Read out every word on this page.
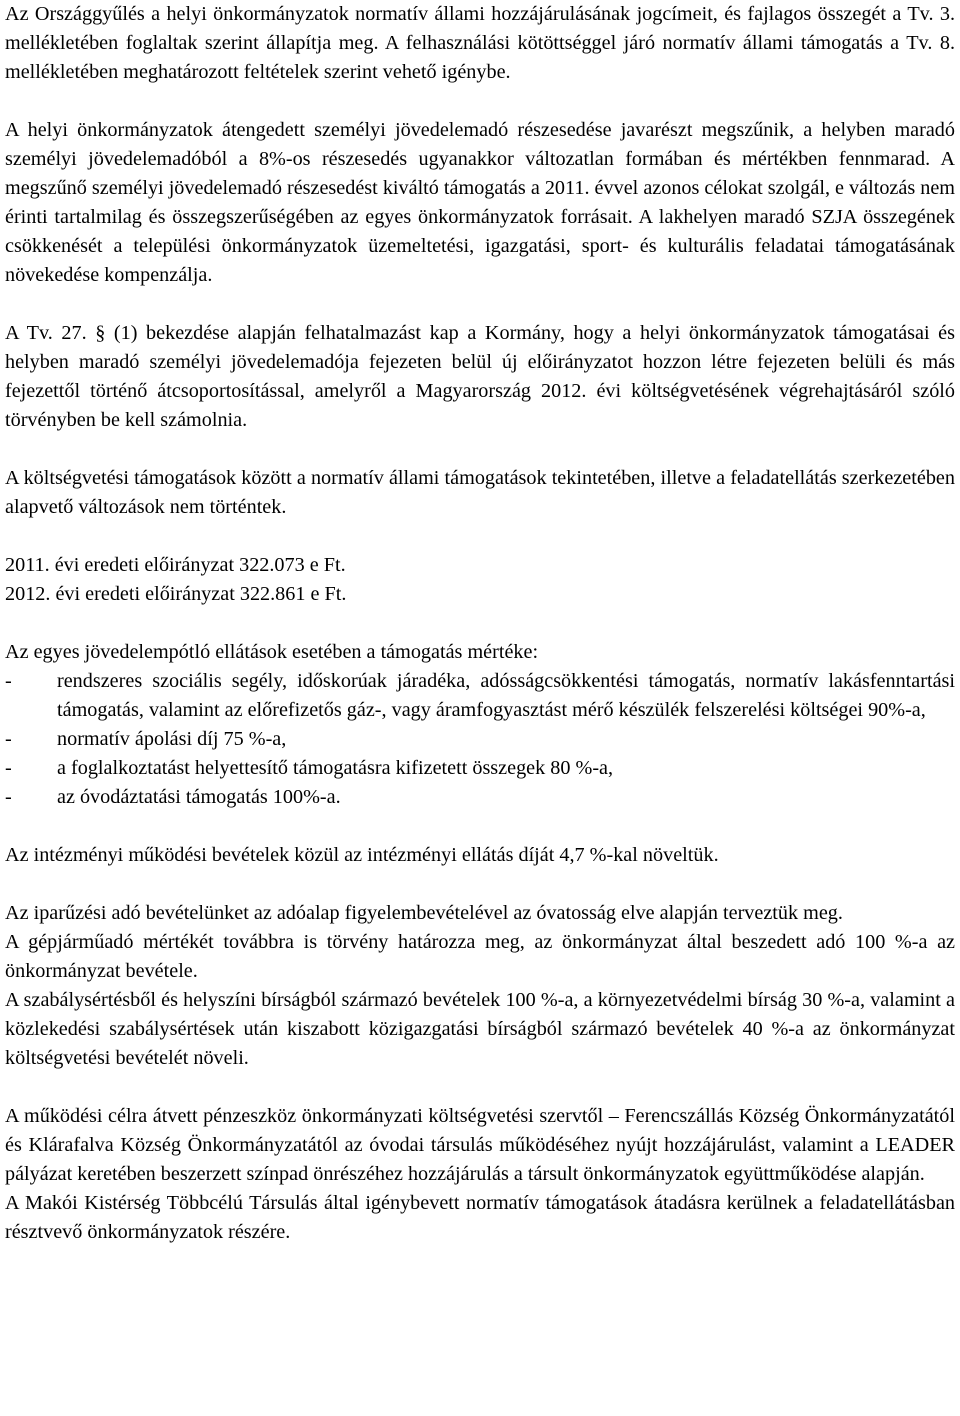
Az Országgyűlés a helyi önkormányzatok normatív állami hozzájárulásának jogcímeit, és fajlagos összegét a Tv. 3. mellékletében foglaltak szerint állapítja meg. A felhasználási kötöttséggel járó normatív állami támogatás a Tv. 8. mellékletében meghatározott feltételek szerint vehető igénybe.

A helyi önkormányzatok átengedett személyi jövedelemadó részesedése javarészt megszűnik, a helyben maradó személyi jövedelemadóból a 8%-os részesedés ugyanakkor változatlan formában és mértékben fennmarad. A megszűnő személyi jövedelemadó részesedést kiváltó támogatás a 2011. évvel azonos célokat szolgál, e változás nem érinti tartalmilag és összegszerűségében az egyes önkormányzatok forrásait. A lakhelyen maradó SZJA összegének csökkenését a települési önkormányzatok üzemeltetési, igazgatási, sport- és kulturális feladatai támogatásának növekedése kompenzálja.

A Tv. 27. § (1) bekezdése alapján felhatalmazást kap a Kormány, hogy a helyi önkormányzatok támogatásai és helyben maradó személyi jövedelemadója fejezeten belül új előirányzatot hozzon létre fejezeten belüli és más fejezettől történő átcsoportosítással, amelyről a Magyarország 2012. évi költségvetésének végrehajtásáról szóló törvényben be kell számolnia.

A költségvetési támogatások között a normatív állami támogatások tekintetében, illetve a feladatellátás szerkezetében alapvető változások nem történtek.

2011. évi eredeti előirányzat 322.073 e Ft.

2012. évi eredeti előirányzat 322.861 e Ft.

Az egyes jövedelempótló ellátások esetében a támogatás mértéke:

-	rendszeres szociális segély, időskorúak járadéka, adósságcsökkentési támogatás, normatív lakásfenntartási támogatás, valamint az előrefizetős gáz-, vagy áramfogyasztást mérő készülék felszerelési költségei 90%-a,
-	normatív ápolási díj 75 %-a,
-	a foglalkoztatást helyettesítő támogatásra kifizetett összegek 80 %-a,
-	az óvodáztatási támogatás 100%-a.

Az intézményi működési bevételek közül az intézményi ellátás díját 4,7 %-kal növeltük.

Az iparűzési adó bevételünket az adóalap figyelembevételével az óvatosság elve alapján terveztük meg.

A gépjárműadó mértékét továbbra is törvény határozza meg, az önkormányzat által beszedett adó 100 %-a az önkormányzat bevétele.

A szabálysértésből és helyszíni bírságból származó bevételek 100 %-a, a környezetvédelmi bírság 30 %-a, valamint a közlekedési szabálysértések után kiszabott közigazgatási bírságból származó bevételek 40 %-a az önkormányzat költségvetési bevételét növeli.

A működési célra átvett pénzeszköz önkormányzati költségvetési szervtől – Ferencszállás Község Önkormányzatától és Klárafalva Község Önkormányzatától az óvodai társulás működéséhez nyújt hozzájárulást, valamint a LEADER pályázat keretében beszerzett színpad önrészéhez hozzájárulás a társult önkormányzatok együttműködése alapján.

A Makói Kistérség Többcélú Társulás által igénybevett normatív támogatások átadásra kerülnek a feladatellátásban résztvevő önkormányzatok részére.
